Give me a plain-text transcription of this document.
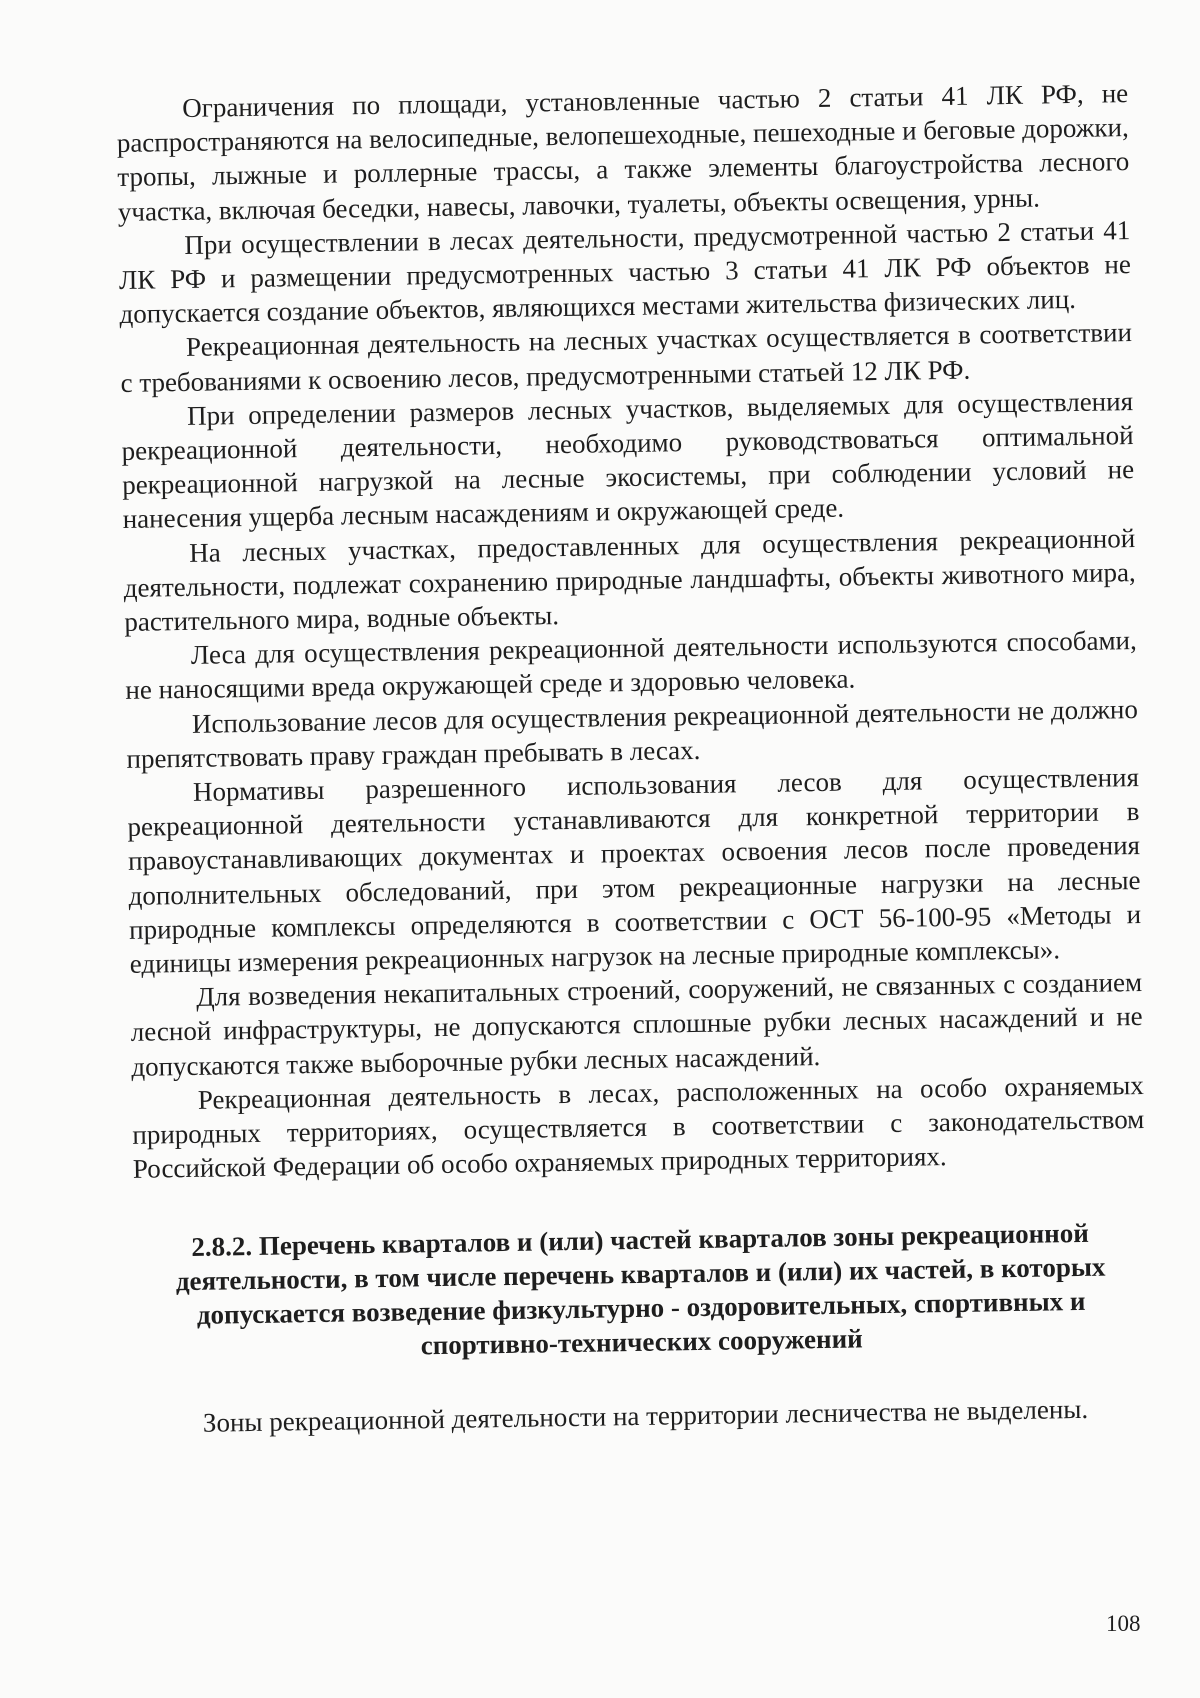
Ограничения по площади, установленные частью 2 статьи 41 ЛК РФ, не распространяются на велосипедные, велопешеходные, пешеходные и беговые дорожки, тропы, лыжные и роллерные трассы, а также элементы благоустройства лесного участка, включая беседки, навесы, лавочки, туалеты, объекты освещения, урны.

При осуществлении в лесах деятельности, предусмотренной частью 2 статьи 41 ЛК РФ и размещении предусмотренных частью 3 статьи 41 ЛК РФ объектов не допускается создание объектов, являющихся местами жительства физических лиц.

Рекреационная деятельность на лесных участках осуществляется в соответствии с требованиями к освоению лесов, предусмотренными статьей 12 ЛК РФ.

При определении размеров лесных участков, выделяемых для осуществления рекреационной деятельности, необходимо руководствоваться оптимальной рекреационной нагрузкой на лесные экосистемы, при соблюдении условий не нанесения ущерба лесным насаждениям и окружающей среде.

На лесных участках, предоставленных для осуществления рекреационной деятельности, подлежат сохранению природные ландшафты, объекты животного мира, растительного мира, водные объекты.

Леса для осуществления рекреационной деятельности используются способами, не наносящими вреда окружающей среде и здоровью человека.

Использование лесов для осуществления рекреационной деятельности не должно препятствовать праву граждан пребывать в лесах.

Нормативы разрешенного использования лесов для осуществления рекреационной деятельности устанавливаются для конкретной территории в правоустанавливающих документах и проектах освоения лесов после проведения дополнительных обследований, при этом рекреационные нагрузки на лесные природные комплексы определяются в соответствии с ОСТ 56-100-95 «Методы и единицы измерения рекреационных нагрузок на лесные природные комплексы».

Для возведения некапитальных строений, сооружений, не связанных с созданием лесной инфраструктуры, не допускаются сплошные рубки лесных насаждений и не допускаются также выборочные рубки лесных насаждений.

Рекреационная деятельность в лесах, расположенных на особо охраняемых природных территориях, осуществляется в соответствии с законодательством Российской Федерации об особо охраняемых природных территориях.

2.8.2. Перечень кварталов и (или) частей кварталов зоны рекреационной деятельности, в том числе перечень кварталов и (или) их частей, в которых допускается возведение физкультурно - оздоровительных, спортивных и спортивно-технических сооружений

Зоны рекреационной деятельности на территории лесничества не выделены.

108
